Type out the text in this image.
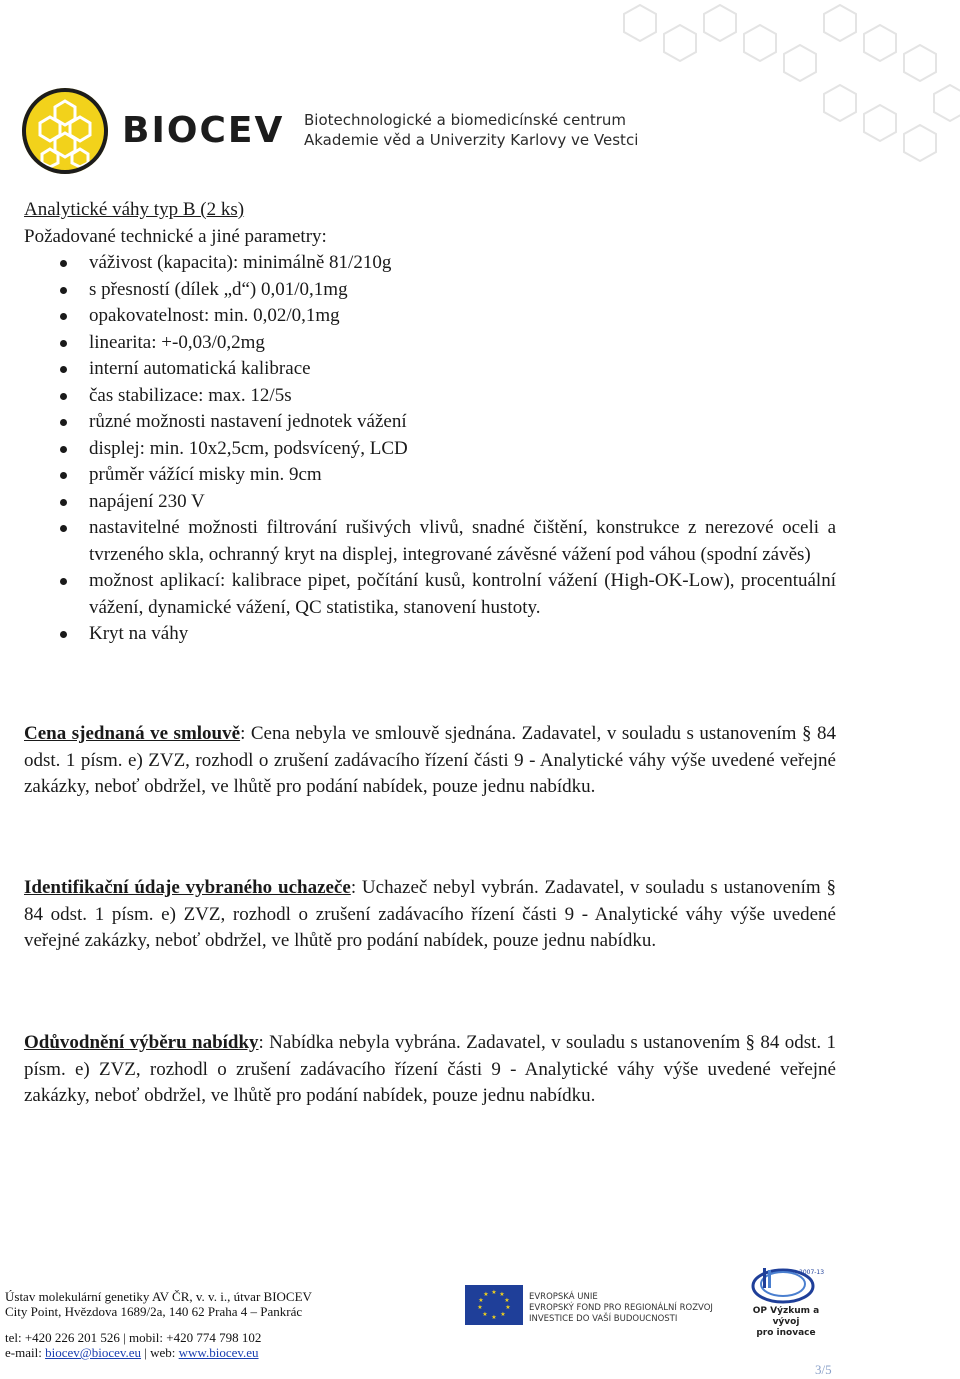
BIOCEV Biotechnologické a biomedicínské centrum
Akademie věd a Univerzity Karlovy ve Vestci
Analytické váhy typ B (2 ks)
Požadované technické a jiné parametry:
váživost (kapacita): minimálně 81/210g
s přesností (dílek „d“) 0,01/0,1mg
opakovatelnost: min. 0,02/0,1mg
linearita: +-0,03/0,2mg
interní automatická kalibrace
čas stabilizace: max. 12/5s
různé možnosti nastavení jednotek vážení
displej: min. 10x2,5cm, podsvícený, LCD
průměr vážící misky min. 9cm
napájení 230 V
nastavitelné možnosti filtrování rušivých vlivů, snadné čištění, konstrukce z nerezové oceli a tvrzeného skla, ochranný kryt na displej, integrované závěsné vážení pod váhou (spodní závěs)
možnost aplikací: kalibrace pipet, počítání kusů, kontrolní vážení (High-OK-Low), procentuální vážení, dynamické vážení, QC statistika, stanovení hustoty.
Kryt na váhy
Cena sjednaná ve smlouvě: Cena nebyla ve smlouvě sjednána. Zadavatel, v souladu s ustanovením § 84 odst. 1 písm. e) ZVZ, rozhodl o zrušení zadávacího řízení části 9 - Analytické váhy výše uvedené veřejné zakázky, neboť obdržel, ve lhůtě pro podání nabídek, pouze jednu nabídku.
Identifikační údaje vybraného uchazeče: Uchazeč nebyl vybrán. Zadavatel, v souladu s ustanovením § 84 odst. 1 písm. e) ZVZ, rozhodl o zrušení zadávacího řízení části 9 - Analytické váhy výše uvedené veřejné zakázky, neboť obdržel, ve lhůtě pro podání nabídek, pouze jednu nabídku.
Odůvodnění výběru nabídky: Nabídka nebyla vybrána. Zadavatel, v souladu s ustanovením § 84 odst. 1 písm. e) ZVZ, rozhodl o zrušení zadávacího řízení části 9 - Analytické váhy výše uvedené veřejné zakázky, neboť obdržel, ve lhůtě pro podání nabídek, pouze jednu nabídku.
Ústav molekulární genetiky AV ČR, v. v. i., útvar BIOCEV
City Point, Hvězdova 1689/2a, 140 62 Praha 4 – Pankrác
tel: +420 226 201 526 | mobil: +420 774 798 102
e-mail: biocev@biocev.eu | web: www.biocev.eu
★ ★
★
★
★
★
★
★
★
★	EVROPSKÁ UNIE
EVROPSKÝ FOND PRO REGIONÁLNÍ ROZVOJ
INVESTICE DO VAŠÍ BUDOUCNOSTI
2007-13
OP Výzkum a vývoj
pro inovace
3/5
